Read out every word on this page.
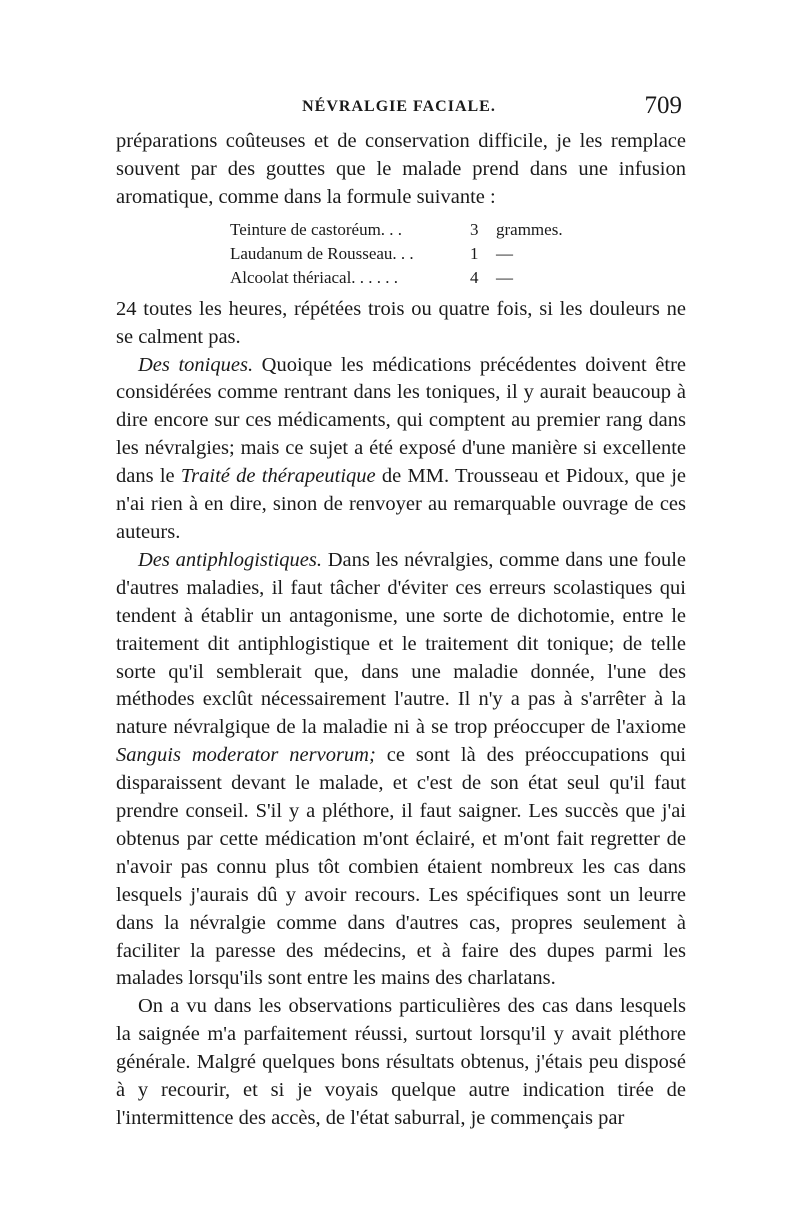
NÉVRALGIE FACIALE.	709

préparations coûteuses et de conservation difficile, je les remplace souvent par des gouttes que le malade prend dans une infusion aromatique, comme dans la formule suivante :

Teinture de castoréum. . .	3	grammes.
Laudanum de Rousseau. . .	1	—
Alcoolat thériacal. . . . . .	4	—

24 toutes les heures, répétées trois ou quatre fois, si les douleurs ne se calment pas.

Des toniques. Quoique les médications précédentes doivent être considérées comme rentrant dans les toniques, il y aurait beaucoup à dire encore sur ces médicaments, qui comptent au premier rang dans les névralgies; mais ce sujet a été exposé d'une manière si excellente dans le Traité de thérapeutique de MM. Trousseau et Pidoux, que je n'ai rien à en dire, sinon de renvoyer au remarquable ouvrage de ces auteurs.

Des antiphlogistiques. Dans les névralgies, comme dans une foule d'autres maladies, il faut tâcher d'éviter ces erreurs scolastiques qui tendent à établir un antagonisme, une sorte de dichotomie, entre le traitement dit antiphlogistique et le traitement dit tonique; de telle sorte qu'il semblerait que, dans une maladie donnée, l'une des méthodes exclût nécessairement l'autre. Il n'y a pas à s'arrêter à la nature névralgique de la maladie ni à se trop préoccuper de l'axiome Sanguis moderator nervorum; ce sont là des préoccupations qui disparaissent devant le malade, et c'est de son état seul qu'il faut prendre conseil. S'il y a pléthore, il faut saigner. Les succès que j'ai obtenus par cette médication m'ont éclairé, et m'ont fait regretter de n'avoir pas connu plus tôt combien étaient nombreux les cas dans lesquels j'aurais dû y avoir recours. Les spécifiques sont un leurre dans la névralgie comme dans d'autres cas, propres seulement à faciliter la paresse des médecins, et à faire des dupes parmi les malades lorsqu'ils sont entre les mains des charlatans.

On a vu dans les observations particulières des cas dans lesquels la saignée m'a parfaitement réussi, surtout lorsqu'il y avait pléthore générale. Malgré quelques bons résultats obtenus, j'étais peu disposé à y recourir, et si je voyais quelque autre indication tirée de l'intermittence des accès, de l'état saburral, je commençais par
